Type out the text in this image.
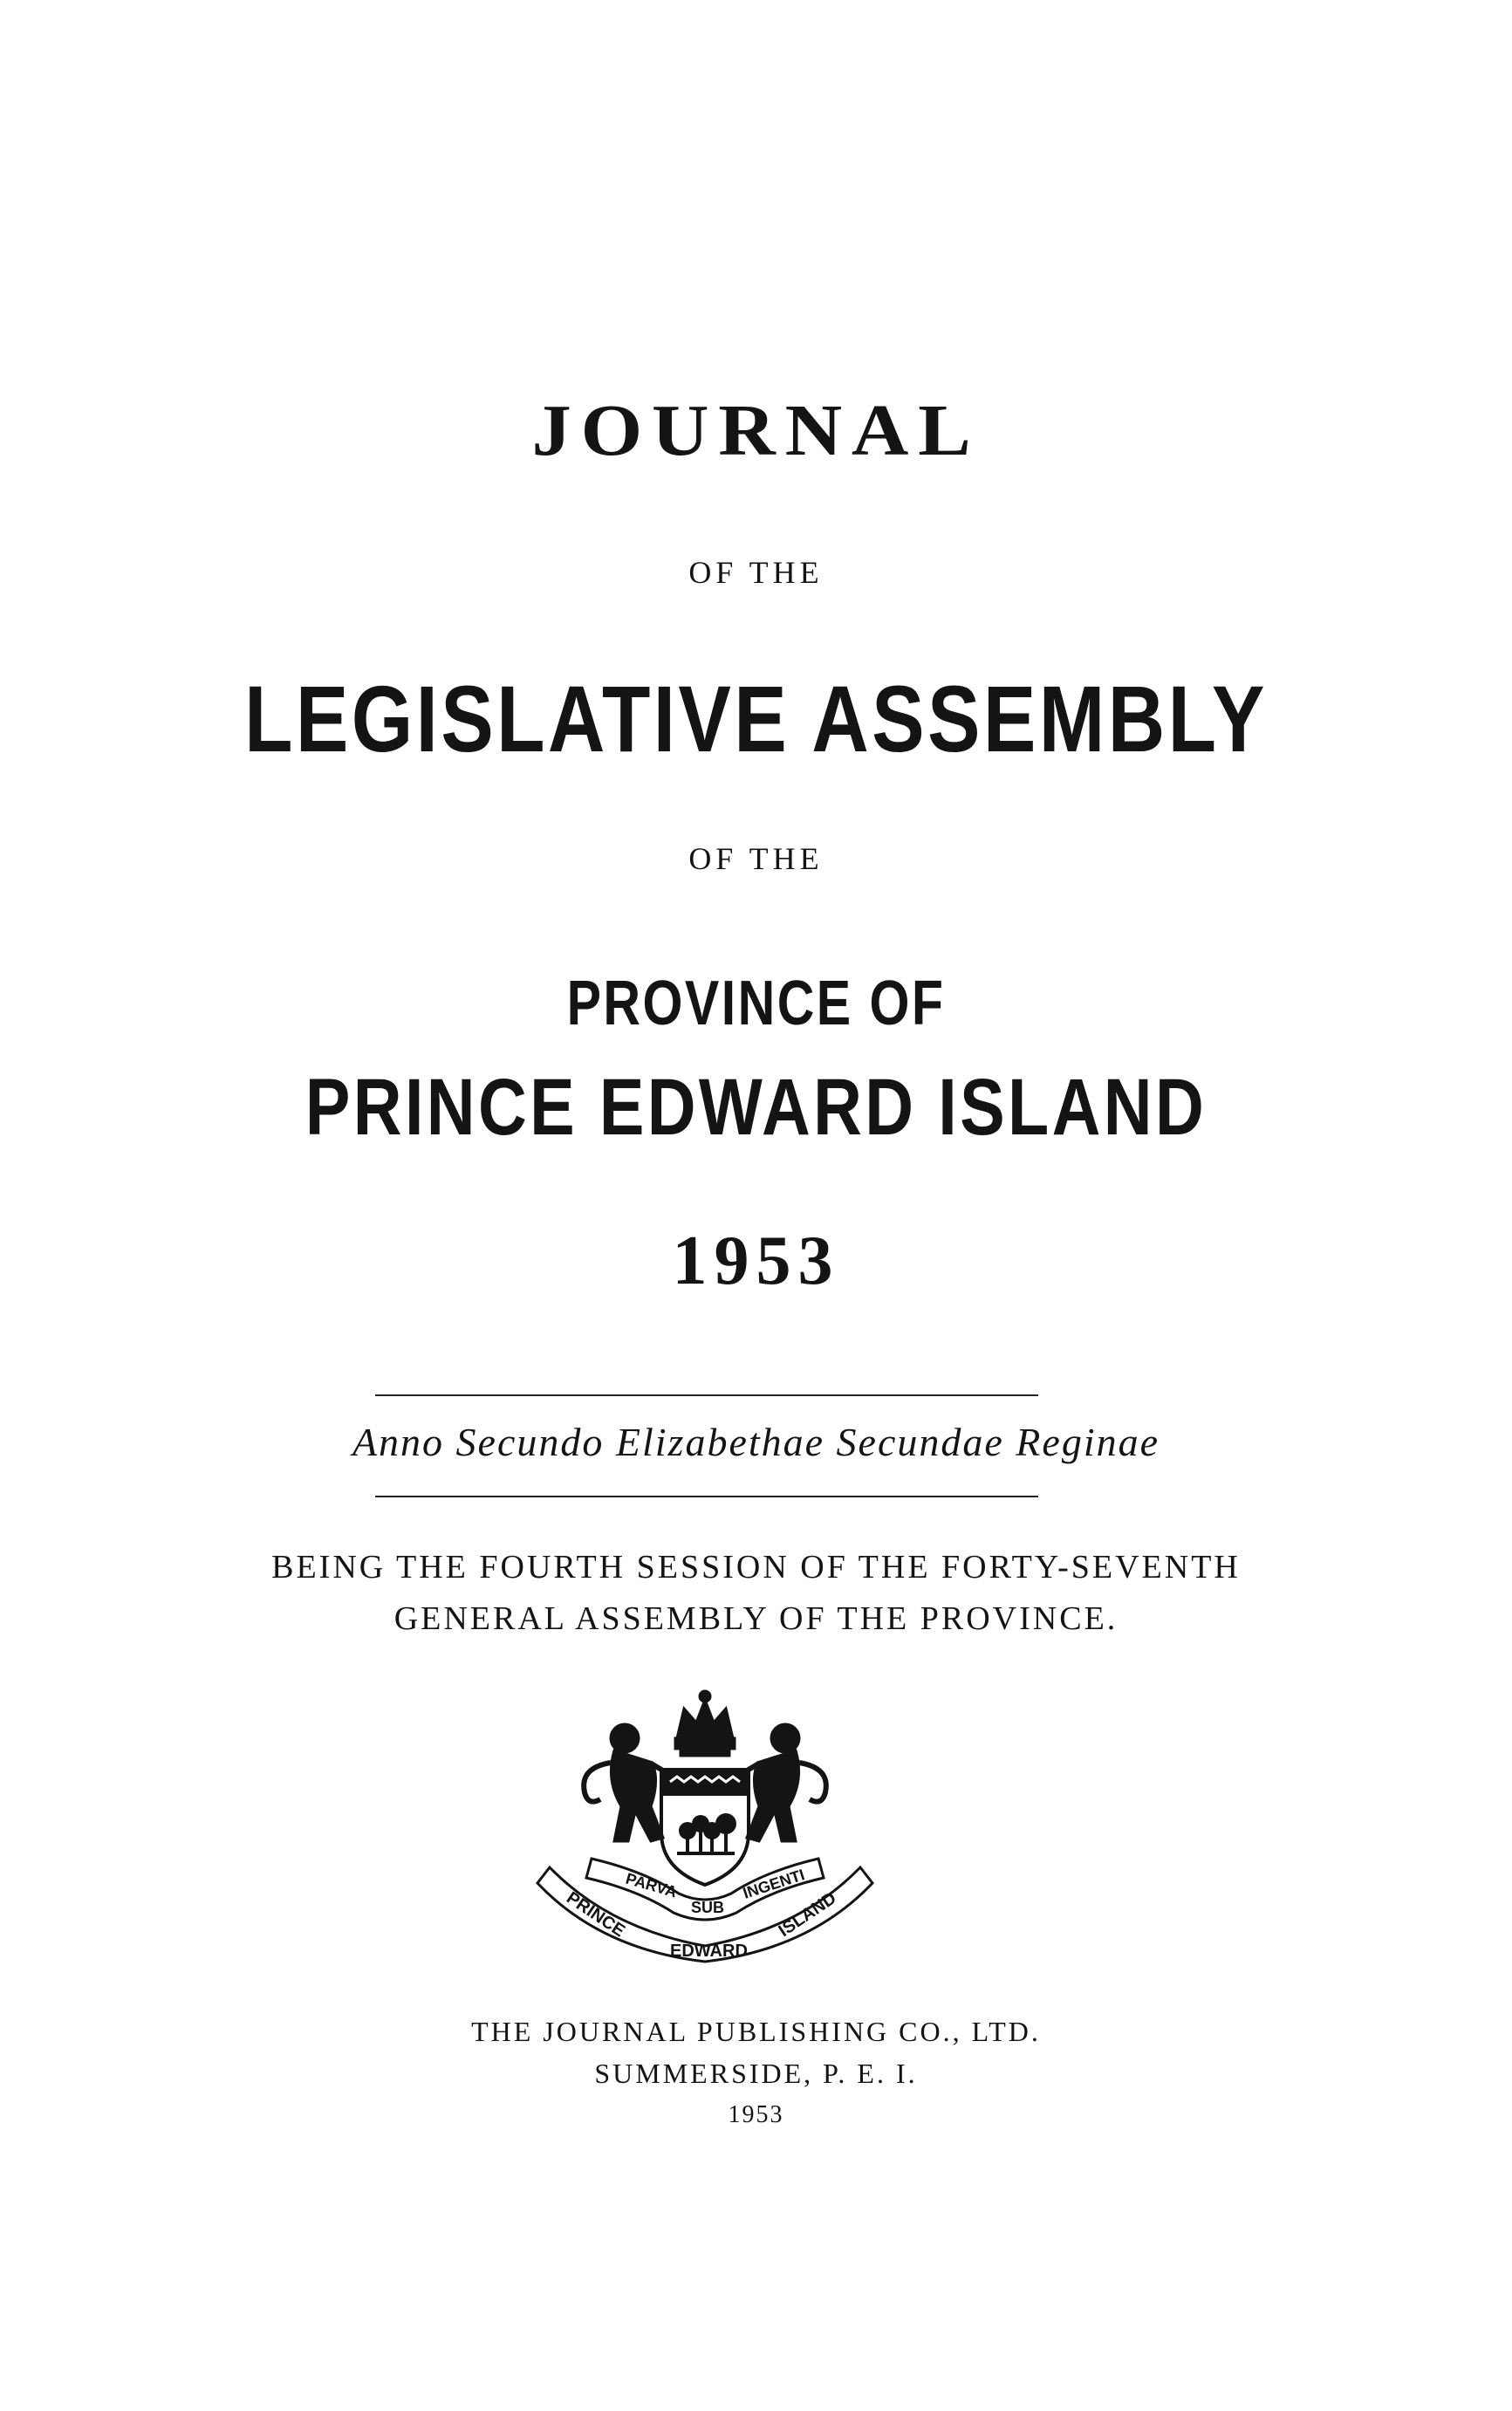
JOURNAL
OF THE
LEGISLATIVE ASSEMBLY
OF THE
PROVINCE OF
PRINCE EDWARD ISLAND
1953
Anno Secundo Elizabethae Secundae Reginae
BEING THE FOURTH SESSION OF THE FORTY-SEVENTH
GENERAL ASSEMBLY OF THE PROVINCE.
PARVA
SUB
INGENTI
PRINCE
EDWARD
ISLAND
THE JOURNAL PUBLISHING CO., LTD.
SUMMERSIDE, P. E. I.
1953
